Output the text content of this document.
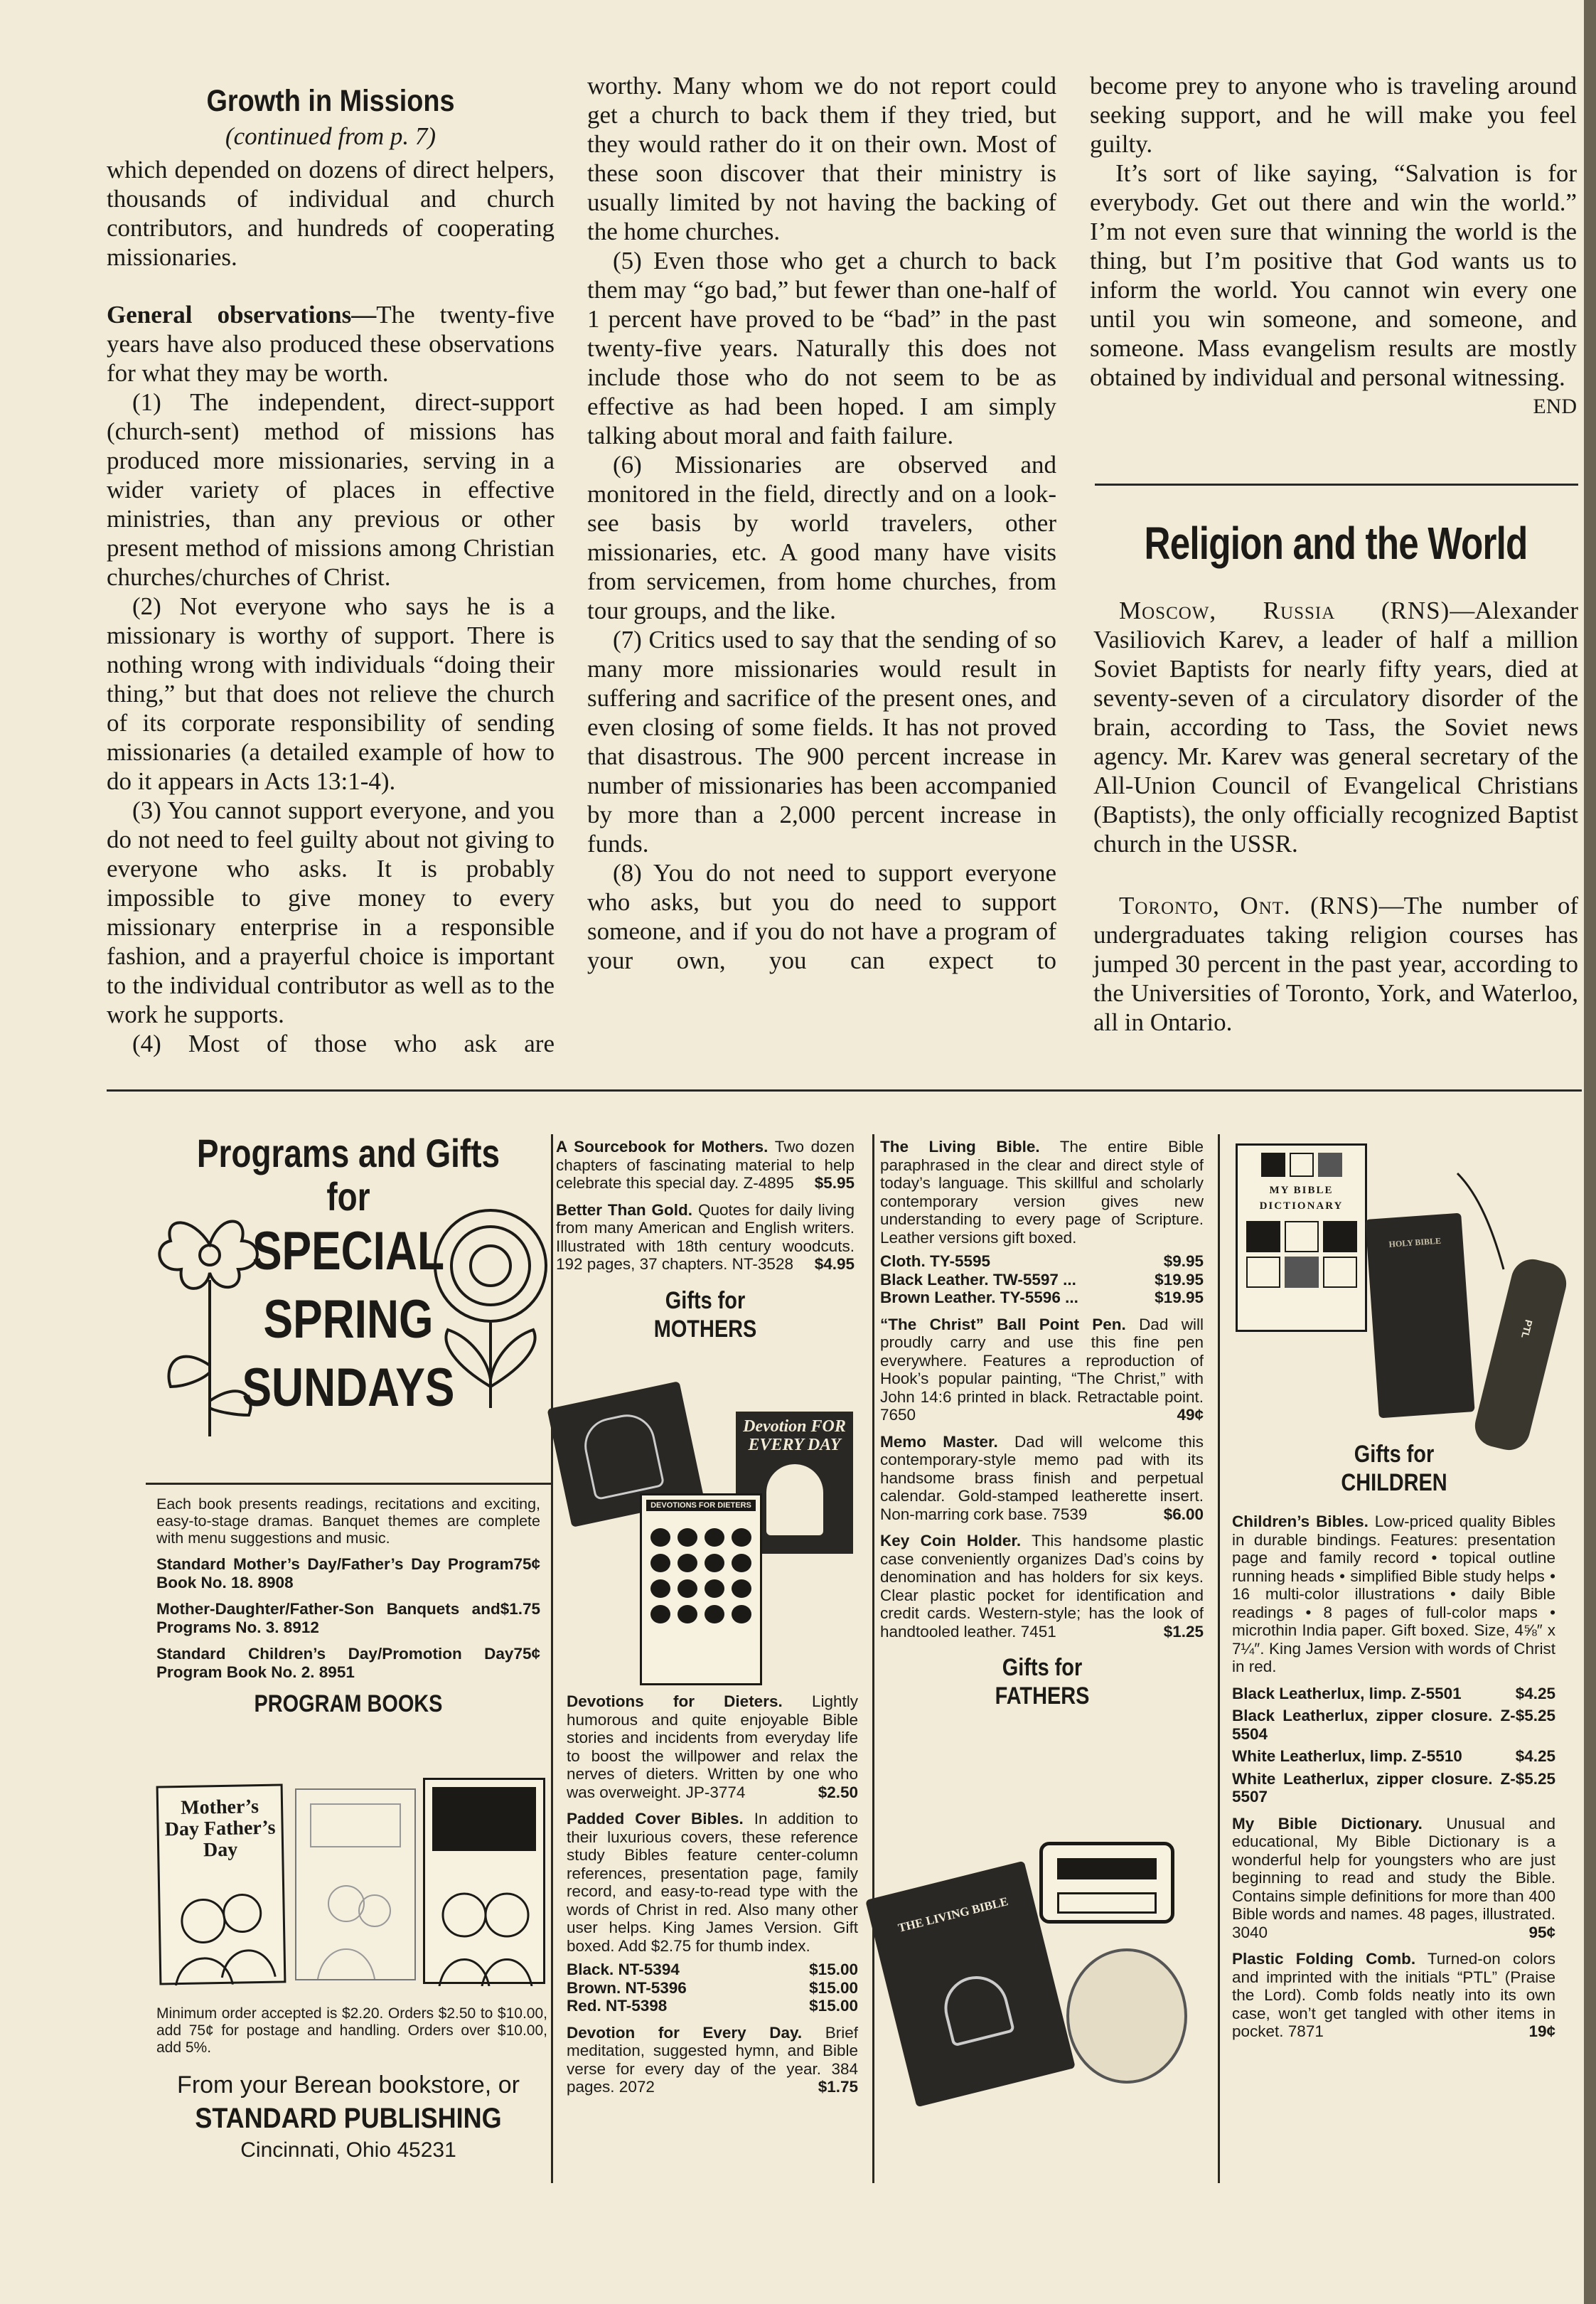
Growth in Missions
(continued from p. 7)

which depended on dozens of direct helpers, thousands of individual and church contributors, and hundreds of cooperating missionaries.

General observations—The twenty-five years have also produced these observations for what they may be worth.

(1) The independent, direct-support (church-sent) method of missions has produced more missionaries, serving in a wider variety of places in effective ministries, than any previous or other present method of missions among Christian churches/churches of Christ.

(2) Not everyone who says he is a missionary is worthy of support. There is nothing wrong with individuals “doing their thing,” but that does not relieve the church of its corporate responsibility of sending missionaries (a detailed example of how to do it appears in Acts 13:1-4).

(3) You cannot support everyone, and you do not need to feel guilty about not giving to everyone who asks. It is probably impossible to give money to every missionary enterprise in a responsible fashion, and a prayerful choice is important to the individual contributor as well as to the work he supports.

(4) Most of those who ask are

worthy. Many whom we do not report could get a church to back them if they tried, but they would rather do it on their own. Most of these soon discover that their ministry is usually limited by not having the backing of the home churches.

(5) Even those who get a church to back them may “go bad,” but fewer than one-half of 1 percent have proved to be “bad” in the past twenty-five years. Naturally this does not include those who do not seem to be as effective as had been hoped. I am simply talking about moral and faith failure.

(6) Missionaries are observed and monitored in the field, directly and on a look-see basis by world travelers, other missionaries, etc. A good many have visits from servicemen, from home churches, from tour groups, and the like.

(7) Critics used to say that the sending of so many more missionaries would result in suffering and sacrifice of the present ones, and even closing of some fields. It has not proved that disastrous. The 900 percent increase in number of missionaries has been accompanied by more than a 2,000 percent increase in funds.

(8) You do not need to support everyone who asks, but you do need to support someone, and if you do not have a program of your own, you can expect to

become prey to anyone who is traveling around seeking support, and he will make you feel guilty.

It’s sort of like saying, “Salvation is for everybody. Get out there and win the world.” I’m not even sure that winning the world is the thing, but I’m positive that God wants us to inform the world. You cannot win every one until you win someone, and someone, and someone. Mass evangelism results are mostly obtained by individual and personal witnessing.
END

Religion and the World

Moscow, Russia (RNS)—Alexander Vasiliovich Karev, a leader of half a million Soviet Baptists for nearly fifty years, died at seventy-seven of a circulatory disorder of the brain, according to Tass, the Soviet news agency. Mr. Karev was general secretary of the All-Union Council of Evangelical Christians (Baptists), the only officially recognized Baptist church in the USSR.

Toronto, Ont. (RNS)—The number of undergraduates taking religion courses has jumped 30 percent in the past year, according to the Universities of Toronto, York, and Waterloo, all in Ontario.

Programs and Gifts
for
SPECIAL
SPRING
SUNDAYS
Each book presents readings, recitations and exciting, easy-to-stage dramas. Banquet themes are complete with menu suggestions and music.
Standard Mother’s Day/Father’s Day Program Book No. 18. 8908
75¢
Mother-Daughter/Father-Son Banquets and Programs No. 3. 8912
$1.75
Standard Children’s Day/Promotion Day Program Book No. 2. 8951
75¢
PROGRAM BOOKS
Mother’s Day Father’s Day
Minimum order accepted is $2.20. Orders $2.50 to $10.00, add 75¢ for postage and handling. Orders over $10.00, add 5%.
From your Berean bookstore, or
STANDARD PUBLISHING
Cincinnati, Ohio 45231
A Sourcebook for Mothers. Two dozen chapters of fascinating material to help celebrate this special day. Z-4895 $5.95
Better Than Gold. Quotes for daily living from many American and English writers. Illustrated with 18th century woodcuts. 192 pages, 37 chapters. NT-3528 $4.95
Gifts for MOTHERS
Devotion FOR EVERY DAY
DEVOTIONS FOR DIETERS
Devotions for Dieters. Lightly humorous and quite enjoyable Bible stories and incidents from everyday life to boost the willpower and relax the nerves of dieters. Written by one who was overweight. JP-3774	$2.50
Padded Cover Bibles. In addition to their luxurious covers, these reference study Bibles feature center-column references, presentation page, family record, and easy-to-read type with the words of Christ in red. Also many other user helps. King James Version. Gift boxed. Add $2.75 for thumb index.
Black. NT-5394	$15.00
Brown. NT-5396	$15.00
Red. NT-5398	$15.00
Devotion for Every Day. Brief meditation, suggested hymn, and Bible verse for every day of the year. 384 pages. 2072	$1.75
The Living Bible. The entire Bible paraphrased in the clear and direct style of today’s language. This skillful and scholarly contemporary version gives new understanding to every page of Scripture. Leather versions gift boxed.
Cloth. TY-5595	$9.95
Black Leather. TW-5597 ...	$19.95
Brown Leather. TY-5596 ...	$19.95
“The Christ” Ball Point Pen. Dad will proudly carry and use this fine pen everywhere. Features a reproduction of Hook’s popular painting, “The Christ,” with John 14:6 printed in black. Retractable point. 7650	49¢
Memo Master. Dad will welcome this contemporary-style memo pad with its handsome brass finish and perpetual calendar. Gold-stamped leatherette insert. Non-marring cork base. 7539	$6.00
Key Coin Holder. This handsome plastic case conveniently organizes Dad’s coins by denomination and has holders for six keys. Clear plastic pocket for identification and credit cards. Western-style; has the look of handtooled leather. 7451	$1.25
Gifts for FATHERS
THE LIVING BIBLE
MY BIBLE DICTIONARY
HOLY BIBLE
PTL
Gifts for CHILDREN
Children’s Bibles. Low-priced quality Bibles in durable bindings. Features: presentation page and family record • topical outline running heads • simplified Bible study helps • 16 multi-color illustrations • daily Bible readings • 8 pages of full-color maps • microthin India paper. Gift boxed. Size, 4⅝″ x 7¼″. King James Version with words of Christ in red.
Black Leatherlux, limp. Z-5501	$4.25
Black Leatherlux, zipper closure. Z-5504
$5.25
White Leatherlux, limp. Z-5510	$4.25
White Leatherlux, zipper closure. Z-5507
$5.25
My Bible Dictionary. Unusual and educational, My Bible Dictionary is a wonderful help for youngsters who are just beginning to read and study the Bible. Contains simple definitions for more than 400 Bible words and names. 48 pages, illustrated. 3040	95¢
Plastic Folding Comb. Turned-on colors and imprinted with the initials “PTL” (Praise the Lord). Comb folds neatly into its own case, won’t get tangled with other items in pocket. 7871	19¢
